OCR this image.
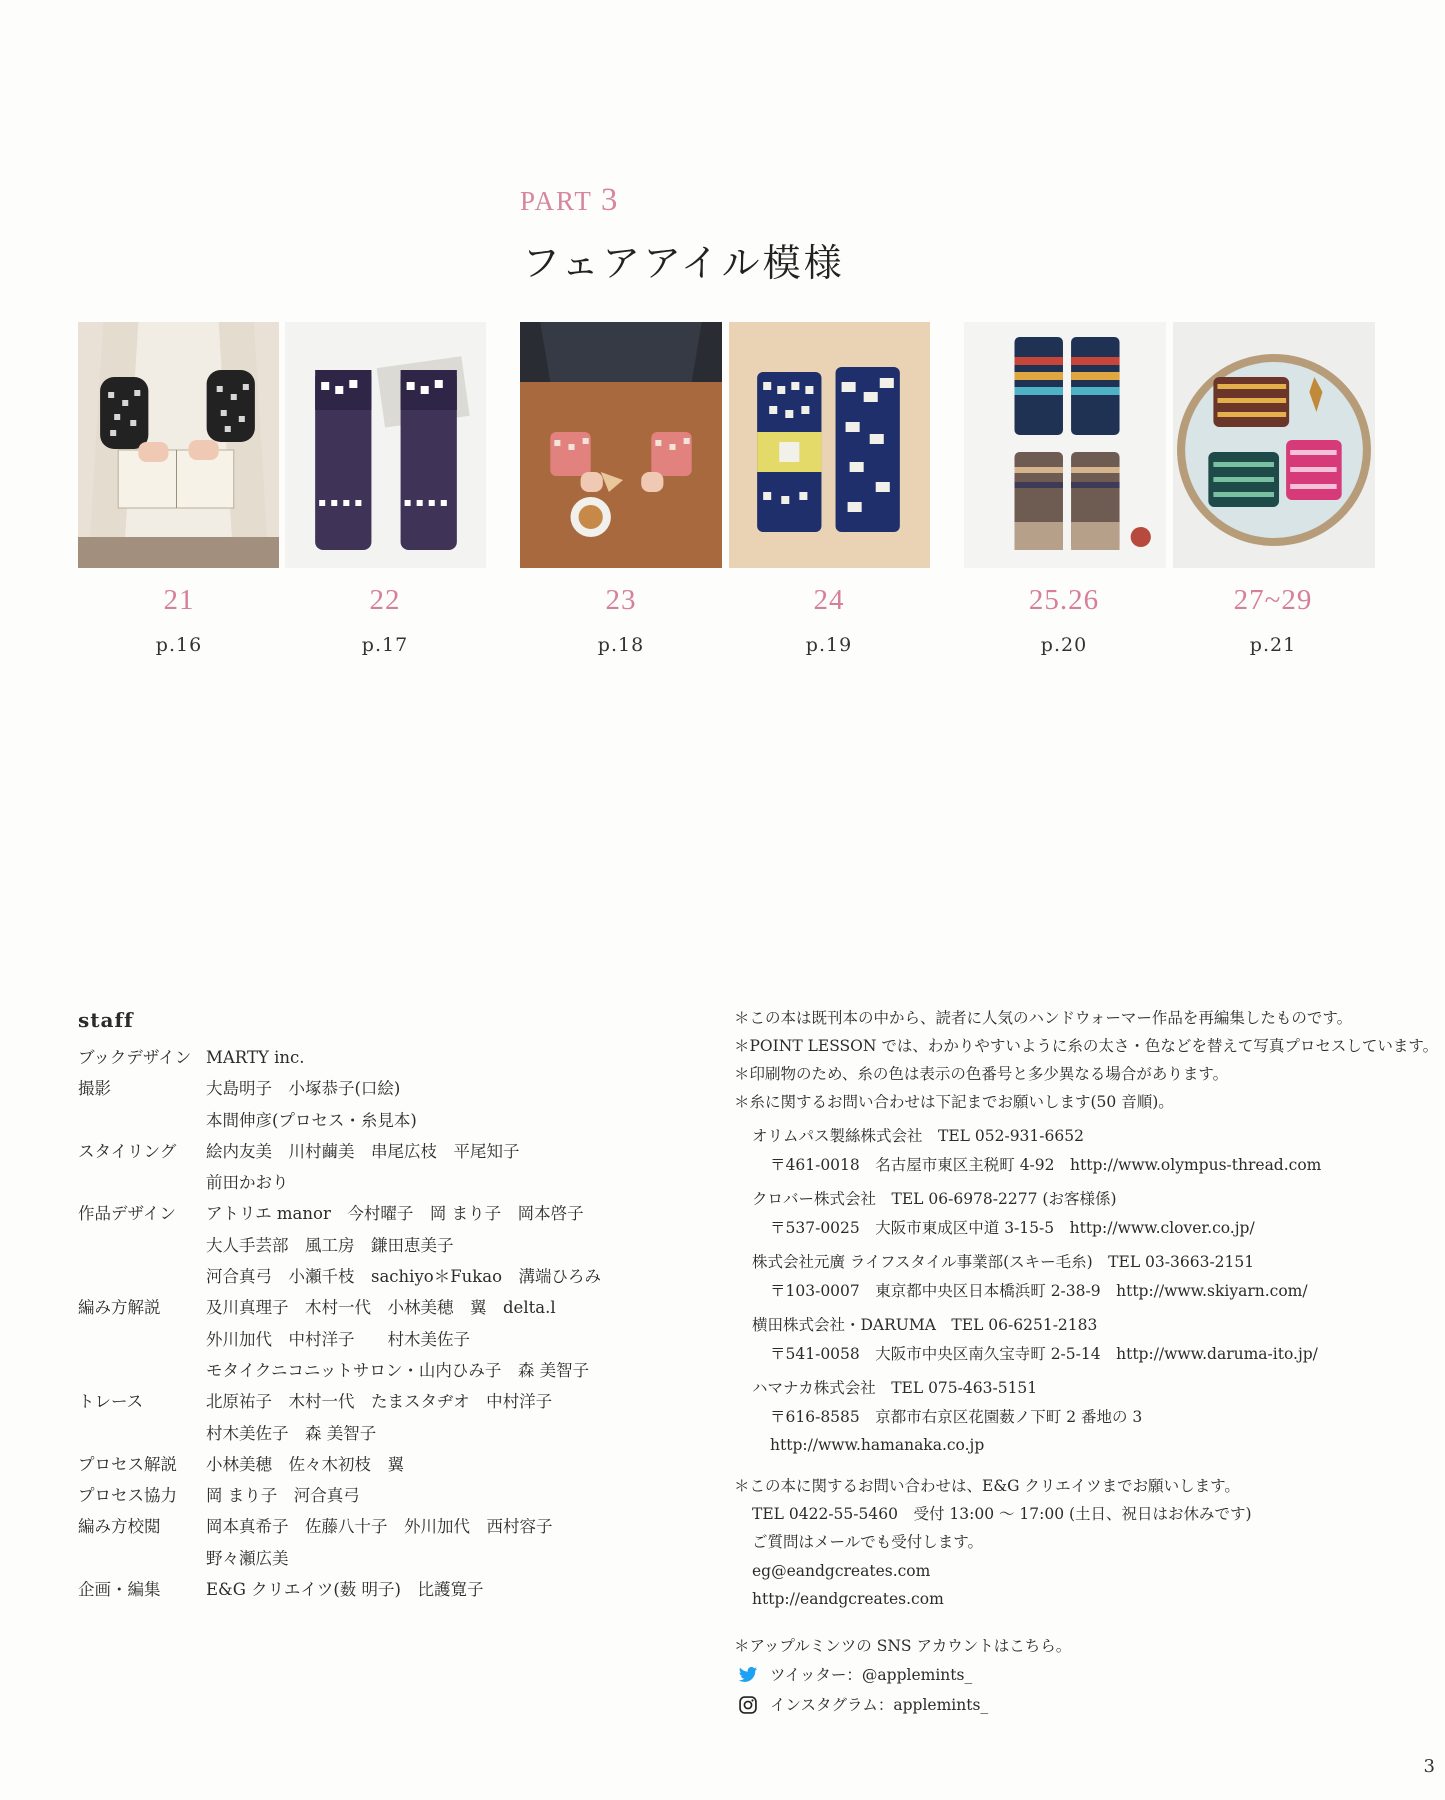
PART 3
フェアアイル模様
21
p.16
22
p.17
23
p.18
24
p.19
25.26
p.20
27~29
p.21
staff
ブックデザイン MARTY inc.
撮影	大島明子　小塚恭子(口絵)
本間伸彦(プロセス・糸見本)
スタイリング	絵内友美　川村繭美　串尾広枝　平尾知子
前田かおり
作品デザイン	アトリエ manor　今村曜子　岡 まり子　岡本啓子
大人手芸部　風工房　鎌田恵美子
河合真弓　小瀬千枝　sachiyo＊Fukao　溝端ひろみ
編み方解説	及川真理子　木村一代　小林美穂　翼　delta.l
外川加代　中村洋子　　村木美佐子
モタイクニコニットサロン・山内ひみ子　森 美智子
トレース	北原祐子　木村一代　たまスタヂオ　中村洋子
村木美佐子　森 美智子
プロセス解説	小林美穂　佐々木初枝　翼
プロセス協力	岡 まり子　河合真弓
編み方校閲	岡本真希子　佐藤八十子　外川加代　西村容子
野々瀬広美
企画・編集	E&G クリエイツ(薮 明子)　比護寛子
＊この本は既刊本の中から、読者に人気のハンドウォーマー作品を再編集したものです。
＊POINT LESSON では、わかりやすいように糸の太さ・色などを替えて写真プロセスしています。
＊印刷物のため、糸の色は表示の色番号と多少異なる場合があります。
＊糸に関するお問い合わせは下記までお願いします(50 音順)。
オリムパス製絲株式会社　TEL 052-931-6652
〒461-0018　名古屋市東区主税町 4-92　http://www.olympus-thread.com
クロバー株式会社　TEL 06-6978-2277 (お客様係)
〒537-0025　大阪市東成区中道 3-15-5　http://www.clover.co.jp/
株式会社元廣 ライフスタイル事業部(スキー毛糸)　TEL 03-3663-2151
〒103-0007　東京都中央区日本橋浜町 2-38-9　http://www.skiyarn.com/
横田株式会社・DARUMA　TEL 06-6251-2183
〒541-0058　大阪市中央区南久宝寺町 2-5-14　http://www.daruma-ito.jp/
ハマナカ株式会社　TEL 075-463-5151
〒616-8585　京都市右京区花園薮ノ下町 2 番地の 3
http://www.hamanaka.co.jp
＊この本に関するお問い合わせは、E&G クリエイツまでお願いします。
TEL 0422-55-5460　受付 13:00 ～ 17:00 (土日、祝日はお休みです)
ご質問はメールでも受付します。
eg@eandgcreates.com
http://eandgcreates.com
＊アップルミンツの SNS アカウントはこちら。
ツイッター：@applemints_
インスタグラム：applemints_
3
